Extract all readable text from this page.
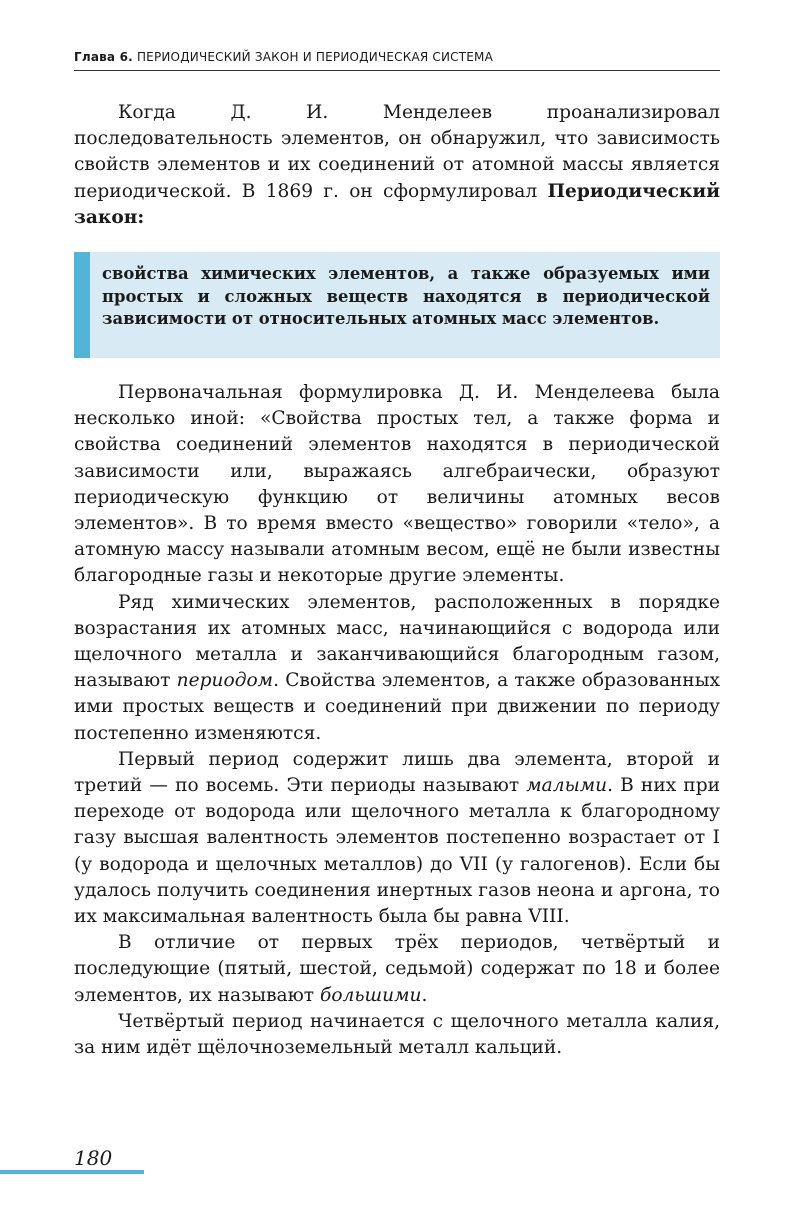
Глава 6. ПЕРИОДИЧЕСКИЙ ЗАКОН И ПЕРИОДИЧЕСКАЯ СИСТЕМА

Когда Д. И. Менделеев проанализировал последовательность элементов, он обнаружил, что зависимость свойств элементов и их соединений от атомной массы является периодической. В 1869 г. он сформулировал Периодический закон:

свойства химических элементов, а также образуемых ими простых и сложных веществ находятся в периодической зависимости от относительных атомных масс элементов.

Первоначальная формулировка Д. И. Менделеева была несколько иной: «Свойства простых тел, а также форма и свойства соединений элементов находятся в периодической зависимости или, выражаясь алгебраически, образуют периодическую функцию от величины атомных весов элементов». В то время вместо «вещество» говорили «тело», а атомную массу называли атомным весом, ещё не были известны благородные газы и некоторые другие элементы.

Ряд химических элементов, расположенных в порядке возрастания их атомных масс, начинающийся с водорода или щелочного металла и заканчивающийся благородным газом, называют периодом. Свойства элементов, а также образованных ими простых веществ и соединений при движении по периоду постепенно изменяются.

Первый период содержит лишь два элемента, второй и третий — по восемь. Эти периоды называют малыми. В них при переходе от водорода или щелочного металла к благородному газу высшая валентность элементов постепенно возрастает от I (у водорода и щелочных металлов) до VII (у галогенов). Если бы удалось получить соединения инертных газов неона и аргона, то их максимальная валентность была бы равна VIII.

В отличие от первых трёх периодов, четвёртый и последующие (пятый, шестой, седьмой) содержат по 18 и более элементов, их называют большими.

Четвёртый период начинается с щелочного металла калия, за ним идёт щёлочноземельный металл кальций.

180
